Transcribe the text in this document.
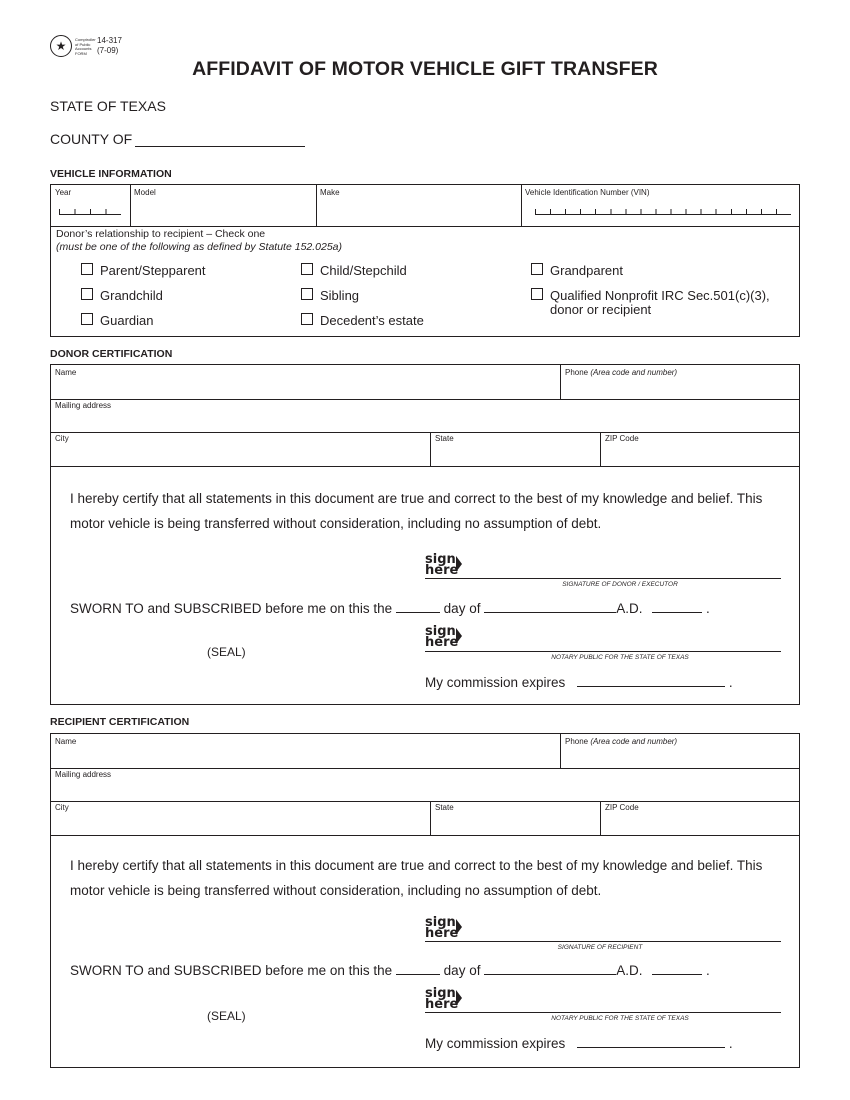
★	Comptroller
of Public
Accounts
FORM
14-317
(7-09)
AFFIDAVIT OF MOTOR VEHICLE GIFT TRANSFER
STATE OF TEXAS
COUNTY OF
VEHICLE INFORMATION
Year	Model	Make	Vehicle Identification Number (VIN)
Donor’s relationship to recipient – Check one
(must be one of the following as defined by Statute 152.025a)
Parent/Stepparent	Child/Stepchild	Grandparent
Grandchild	Sibling	Qualified Nonprofit IRC Sec.501(c)(3),
donor or recipient
Guardian	Decedent’s estate
DONOR CERTIFICATION
Name	Phone (Area code and number)
Mailing address
City	State	ZIP Code
I hereby certify that all statements in this document are true and correct to the best of my knowledge and belief. This
motor vehicle is being transferred without consideration, including no assumption of debt.
sign
here
SIGNATURE OF DONOR / EXECUTOR
SWORN TO and SUBSCRIBED before me on this the	day of	A.D.	.
sign
here
(SEAL)	NOTARY PUBLIC FOR THE STATE OF TEXAS
My commission expires	.
RECIPIENT CERTIFICATION
Name	Phone (Area code and number)
Mailing address
City	State	ZIP Code
I hereby certify that all statements in this document are true and correct to the best of my knowledge and belief. This
motor vehicle is being transferred without consideration, including no assumption of debt.
sign
here
SIGNATURE OF RECIPIENT
SWORN TO and SUBSCRIBED before me on this the	day of	A.D.	.
sign
here
(SEAL)	NOTARY PUBLIC FOR THE STATE OF TEXAS
My commission expires	.
